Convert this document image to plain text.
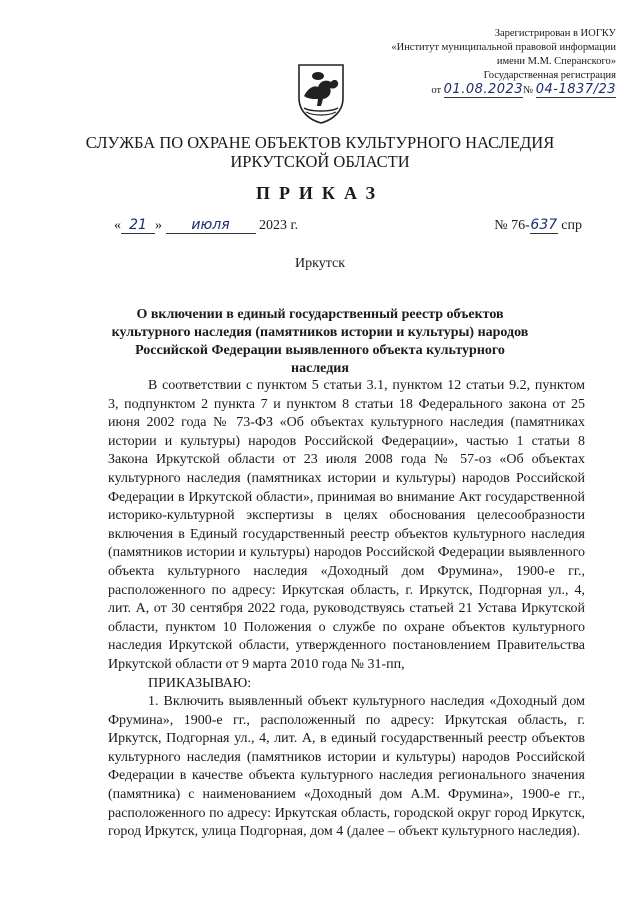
Зарегистрирован в ИОГКУ
«Институт муниципальной правовой информации
имени М.М. Сперанского»
Государственная регистрация
от 01.08.2023№ 04-1837/23
СЛУЖБА ПО ОХРАНЕ ОБЪЕКТОВ КУЛЬТУРНОГО НАСЛЕДИЯ
ИРКУТСКОЙ ОБЛАСТИ
ПРИКАЗ
« 21 » июля 2023 г.	№ 76-637 спр
Иркутск
О включении в единый государственный реестр объектов культурного наследия (памятников истории и культуры) народов Российской Федерации выявленного объекта культурного наследия

В соответствии с пунктом 5 статьи 3.1, пунктом 12 статьи 9.2, пунктом 3, подпунктом 2 пункта 7 и пунктом 8 статьи 18 Федерального закона от 25 июня 2002 года № 73-ФЗ «Об объектах культурного наследия (памятниках истории и культуры) народов Российской Федерации», частью 1 статьи 8 Закона Иркутской области от 23 июля 2008 года № 57-оз «Об объектах культурного наследия (памятниках истории и культуры) народов Российской Федерации в Иркутской области», принимая во внимание Акт государственной историко-культурной экспертизы в целях обоснования целесообразности включения в Единый государственный реестр объектов культурного наследия (памятников истории и культуры) народов Российской Федерации выявленного объекта культурного наследия «Доходный дом Фрумина», 1900-е гг., расположенного по адресу: Иркутская область, г. Иркутск, Подгорная ул., 4, лит. А, от 30 сентября 2022 года, руководствуясь статьей 21 Устава Иркутской области, пунктом 10 Положения о службе по охране объектов культурного наследия Иркутской области, утвержденного постановлением Правительства Иркутской области от 9 марта 2010 года № 31-пп,

ПРИКАЗЫВАЮ:

1. Включить выявленный объект культурного наследия «Доходный дом Фрумина», 1900-е гг., расположенный по адресу: Иркутская область, г. Иркутск, Подгорная ул., 4, лит. А, в единый государственный реестр объектов культурного наследия (памятников истории и культуры) народов Российской Федерации в качестве объекта культурного наследия регионального значения (памятника) с наименованием «Доходный дом А.М. Фрумина», 1900-е гг., расположенного по адресу: Иркутская область, городской округ город Иркутск, город Иркутск, улица Подгорная, дом 4 (далее – объект культурного наследия).
